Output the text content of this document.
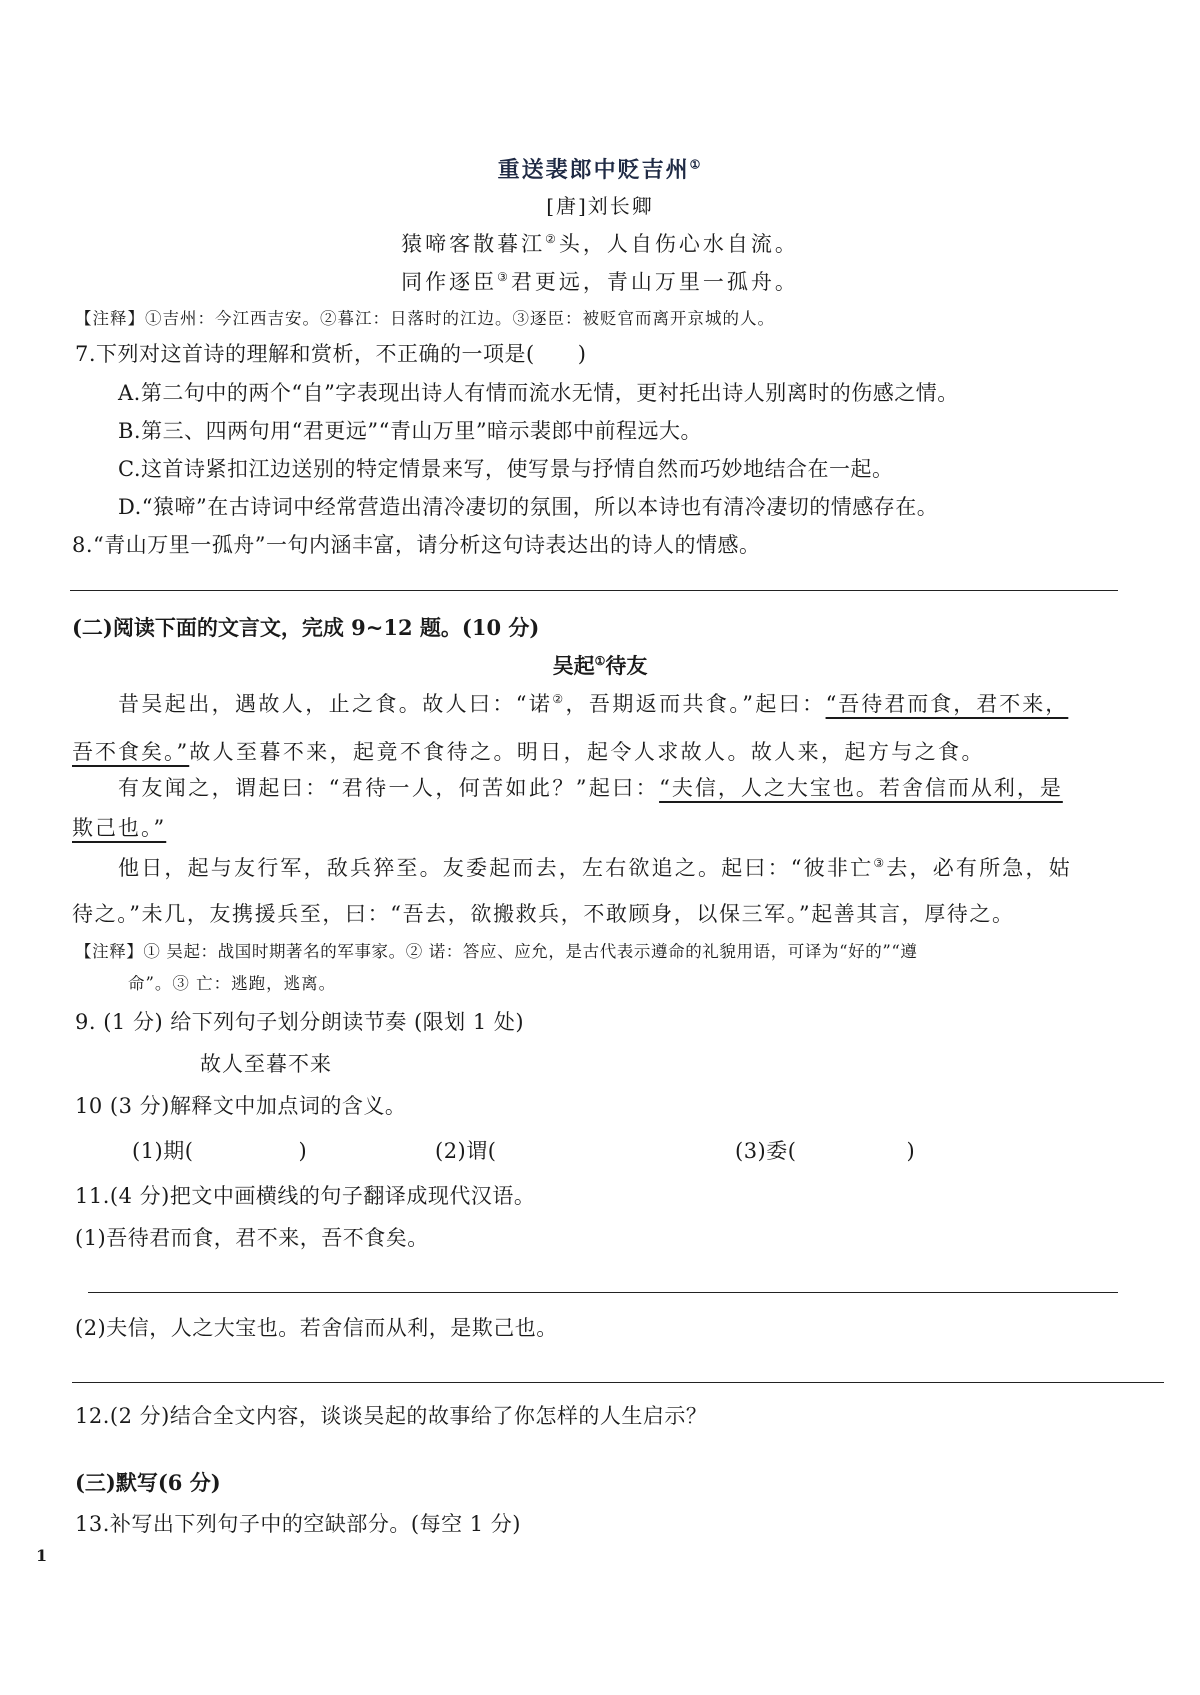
重送裴郎中贬吉州①
[唐]刘长卿
猿啼客散暮江②头，人自伤心水自流。
同作逐臣③君更远，青山万里一孤舟。
【注释】①吉州：今江西吉安。②暮江：日落时的江边。③逐臣：被贬官而离开京城的人。
7.下列对这首诗的理解和赏析，不正确的一项是(　　)
A.第二句中的两个“自”字表现出诗人有情而流水无情，更衬托出诗人别离时的伤感之情。
B.第三、四两句用“君更远”“青山万里”暗示裴郎中前程远大。
C.这首诗紧扣江边送别的特定情景来写，使写景与抒情自然而巧妙地结合在一起。
D.“猿啼”在古诗词中经常营造出清冷凄切的氛围，所以本诗也有清冷凄切的情感存在。
8.“青山万里一孤舟”一句内涵丰富，请分析这句诗表达出的诗人的情感。
(二)阅读下面的文言文，完成 9~12 题。(10 分)
吴起①待友
昔吴起出，遇故人，止之食。故人曰：“诺②，吾期返而共食。”起曰：“吾待君而食，君不来，
吾不食矣。”故人至暮不来，起竟不食待之。明日，起令人求故人。故人来，起方与之食。
有友闻之，谓起曰：“君待一人，何苦如此？”起曰：“夫信，人之大宝也。若舍信而从利，是
欺己也。”
他日，起与友行军，敌兵猝至。友委起而去，左右欲追之。起曰：“彼非亡③去，必有所急，姑
待之。”未几，友携援兵至，曰：“吾去，欲搬救兵，不敢顾身，以保三军。”起善其言，厚待之。
【注释】① 吴起：战国时期著名的军事家。② 诺：答应、应允，是古代表示遵命的礼貌用语，可译为“好的”“遵
命”。③ 亡：逃跑，逃离。
9. (1 分) 给下列句子划分朗读节奏 (限划 1 处)
故人至暮不来
10 (3 分)解释文中加点词的含义。
(1)期(	)	(2)谓(	(3)委(	)
11.(4 分)把文中画横线的句子翻译成现代汉语。
(1)吾待君而食，君不来，吾不食矣。
(2)夫信，人之大宝也。若舍信而从利，是欺己也。
12.(2 分)结合全文内容，谈谈吴起的故事给了你怎样的人生启示？
(三)默写(6 分)
13.补写出下列句子中的空缺部分。(每空 1 分)
1
